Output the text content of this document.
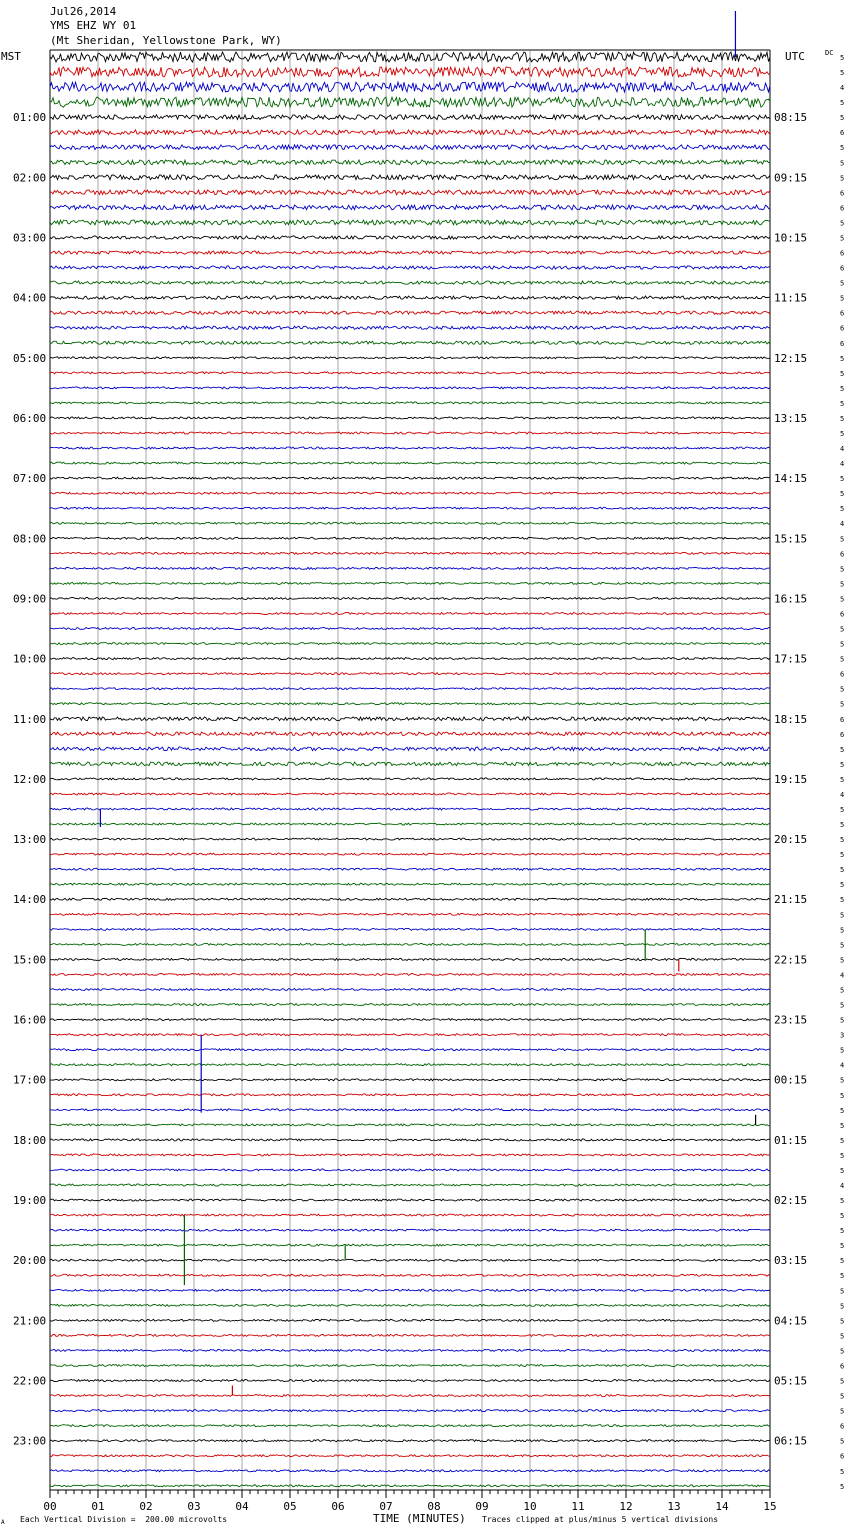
Jul26,2014
YMS EHZ WY 01
(Mt Sheridan, Yellowstone Park, WY)
MST	UTC	DC
01:00
02:00
03:00
04:00
05:00
06:00
07:00
08:00
09:00
10:00
11:00
12:00
13:00
14:00
15:00
16:00
17:00
18:00
19:00
20:00
21:00
22:00
23:00
08:15
09:15
10:15
11:15
12:15
13:15
14:15
15:15
16:15
17:15
18:15
19:15
20:15
21:15
22:15
23:15
00:15
01:15
02:15
03:15
04:15
05:15
06:15
5
5
4
5
5
6
5
5
5
6
6
5
5
6
6
5
5
6
6
6
5
5
5
5
5
5
4
4
5
5
5
4
5
6
5
5
5
6
5
5
5
6
5
5
6
6
5
5
5
4
5
5
5
5
5
5
5
5
5
5
5
4
5
5
5
3
5
4
5
5
5
5
5
5
5
4
5
5
5
5
5
5
5
5
5
5
5
6
5
5
5
6
5
6
5
5
00	01	02	03	04	05	06	07	08	09	10	11	12	13	14	15
Each Vertical Division =  200.00 microvolts	TIME (MINUTES) Traces clipped at plus/minus 5 vertical divisions
A
